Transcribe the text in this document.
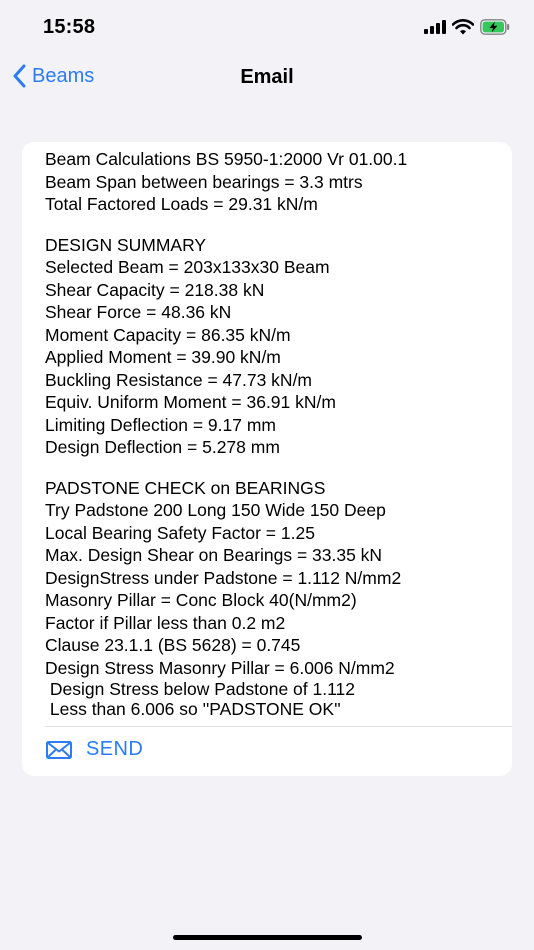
15:58
Beams	Email
Beam Calculations BS 5950-1:2000 Vr 01.00.1
Beam Span between bearings = 3.3 mtrs
Total Factored Loads = 29.31 kN/m
DESIGN SUMMARY
Selected Beam = 203x133x30 Beam
Shear Capacity = 218.38 kN
Shear Force = 48.36 kN
Moment Capacity = 86.35 kN/m
Applied Moment = 39.90 kN/m
Buckling Resistance = 47.73 kN/m
Equiv. Uniform Moment = 36.91 kN/m
Limiting Deflection = 9.17 mm
Design Deflection = 5.278 mm
PADSTONE CHECK on BEARINGS
Try Padstone 200 Long 150 Wide 150 Deep
Local Bearing Safety Factor = 1.25
Max. Design Shear on Bearings = 33.35 kN
DesignStress under Padstone = 1.112 N/mm2
Masonry Pillar = Conc Block 40(N/mm2)
Factor if Pillar less than 0.2 m2
Clause 23.1.1 (BS 5628) = 0.745
Design Stress Masonry Pillar = 6.006 N/mm2
Design Stress below Padstone of 1.112
Less than 6.006 so ''PADSTONE OK''
SEND
